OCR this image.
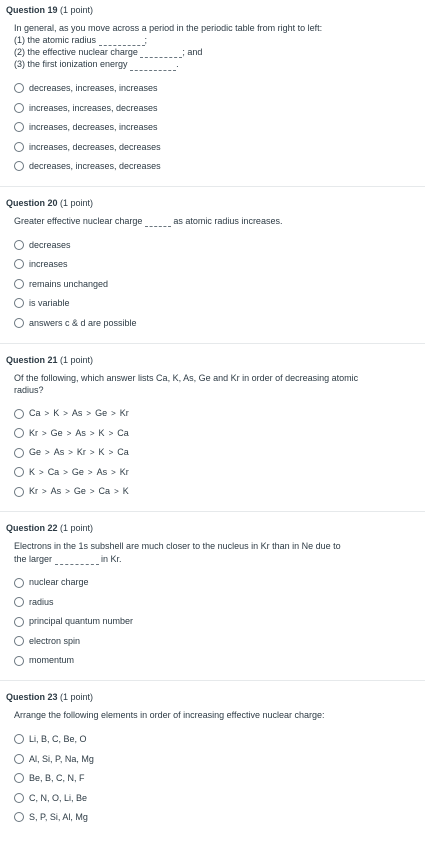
Question 19 (1 point)
In general, as you move across a period in the periodic table from right to left:
(1) the atomic radius	;
(2) the effective nuclear charge	; and
(3) the first ionization energy	.
decreases, increases, increases
increases, increases, decreases
increases, decreases, increases
increases, decreases, decreases
decreases, increases, decreases
Question 20 (1 point)
Greater effective nuclear charge	as atomic radius increases.
decreases
increases
remains unchanged
is variable
answers c & d are possible
Question 21 (1 point)
Of the following, which answer lists Ca, K, As, Ge and Kr in order of decreasing atomic radius?
Ca > K > As > Ge > Kr
Kr > Ge > As > K > Ca
Ge > As > Kr > K > Ca
K > Ca > Ge > As > Kr
Kr > As > Ge > Ca > K
Question 22 (1 point)
Electrons in the 1s subshell are much closer to the nucleus in Kr than in Ne due to
the larger	in Kr.
nuclear charge
radius
principal quantum number
electron spin
momentum
Question 23 (1 point)
Arrange the following elements in order of increasing effective nuclear charge:
Li, B, C, Be, O
Al, Si, P, Na, Mg
Be, B, C, N, F
C, N, O, Li, Be
S, P, Si, Al, Mg
